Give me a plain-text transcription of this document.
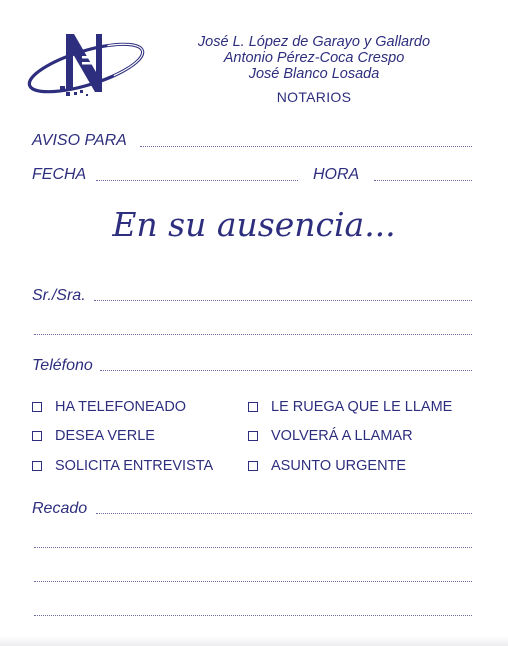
José L. López de Garayo y Gallardo
Antonio Pérez-Coca Crespo
José Blanco Losada
NOTARIOS
AVISO PARA
FECHA	HORA
En su ausencia...
Sr./Sra.
Teléfono
HA TELEFONEADO
DESEA VERLE
SOLICITA ENTREVISTA
LE RUEGA QUE LE LLAME
VOLVERÁ A LLAMAR
ASUNTO URGENTE
Recado
